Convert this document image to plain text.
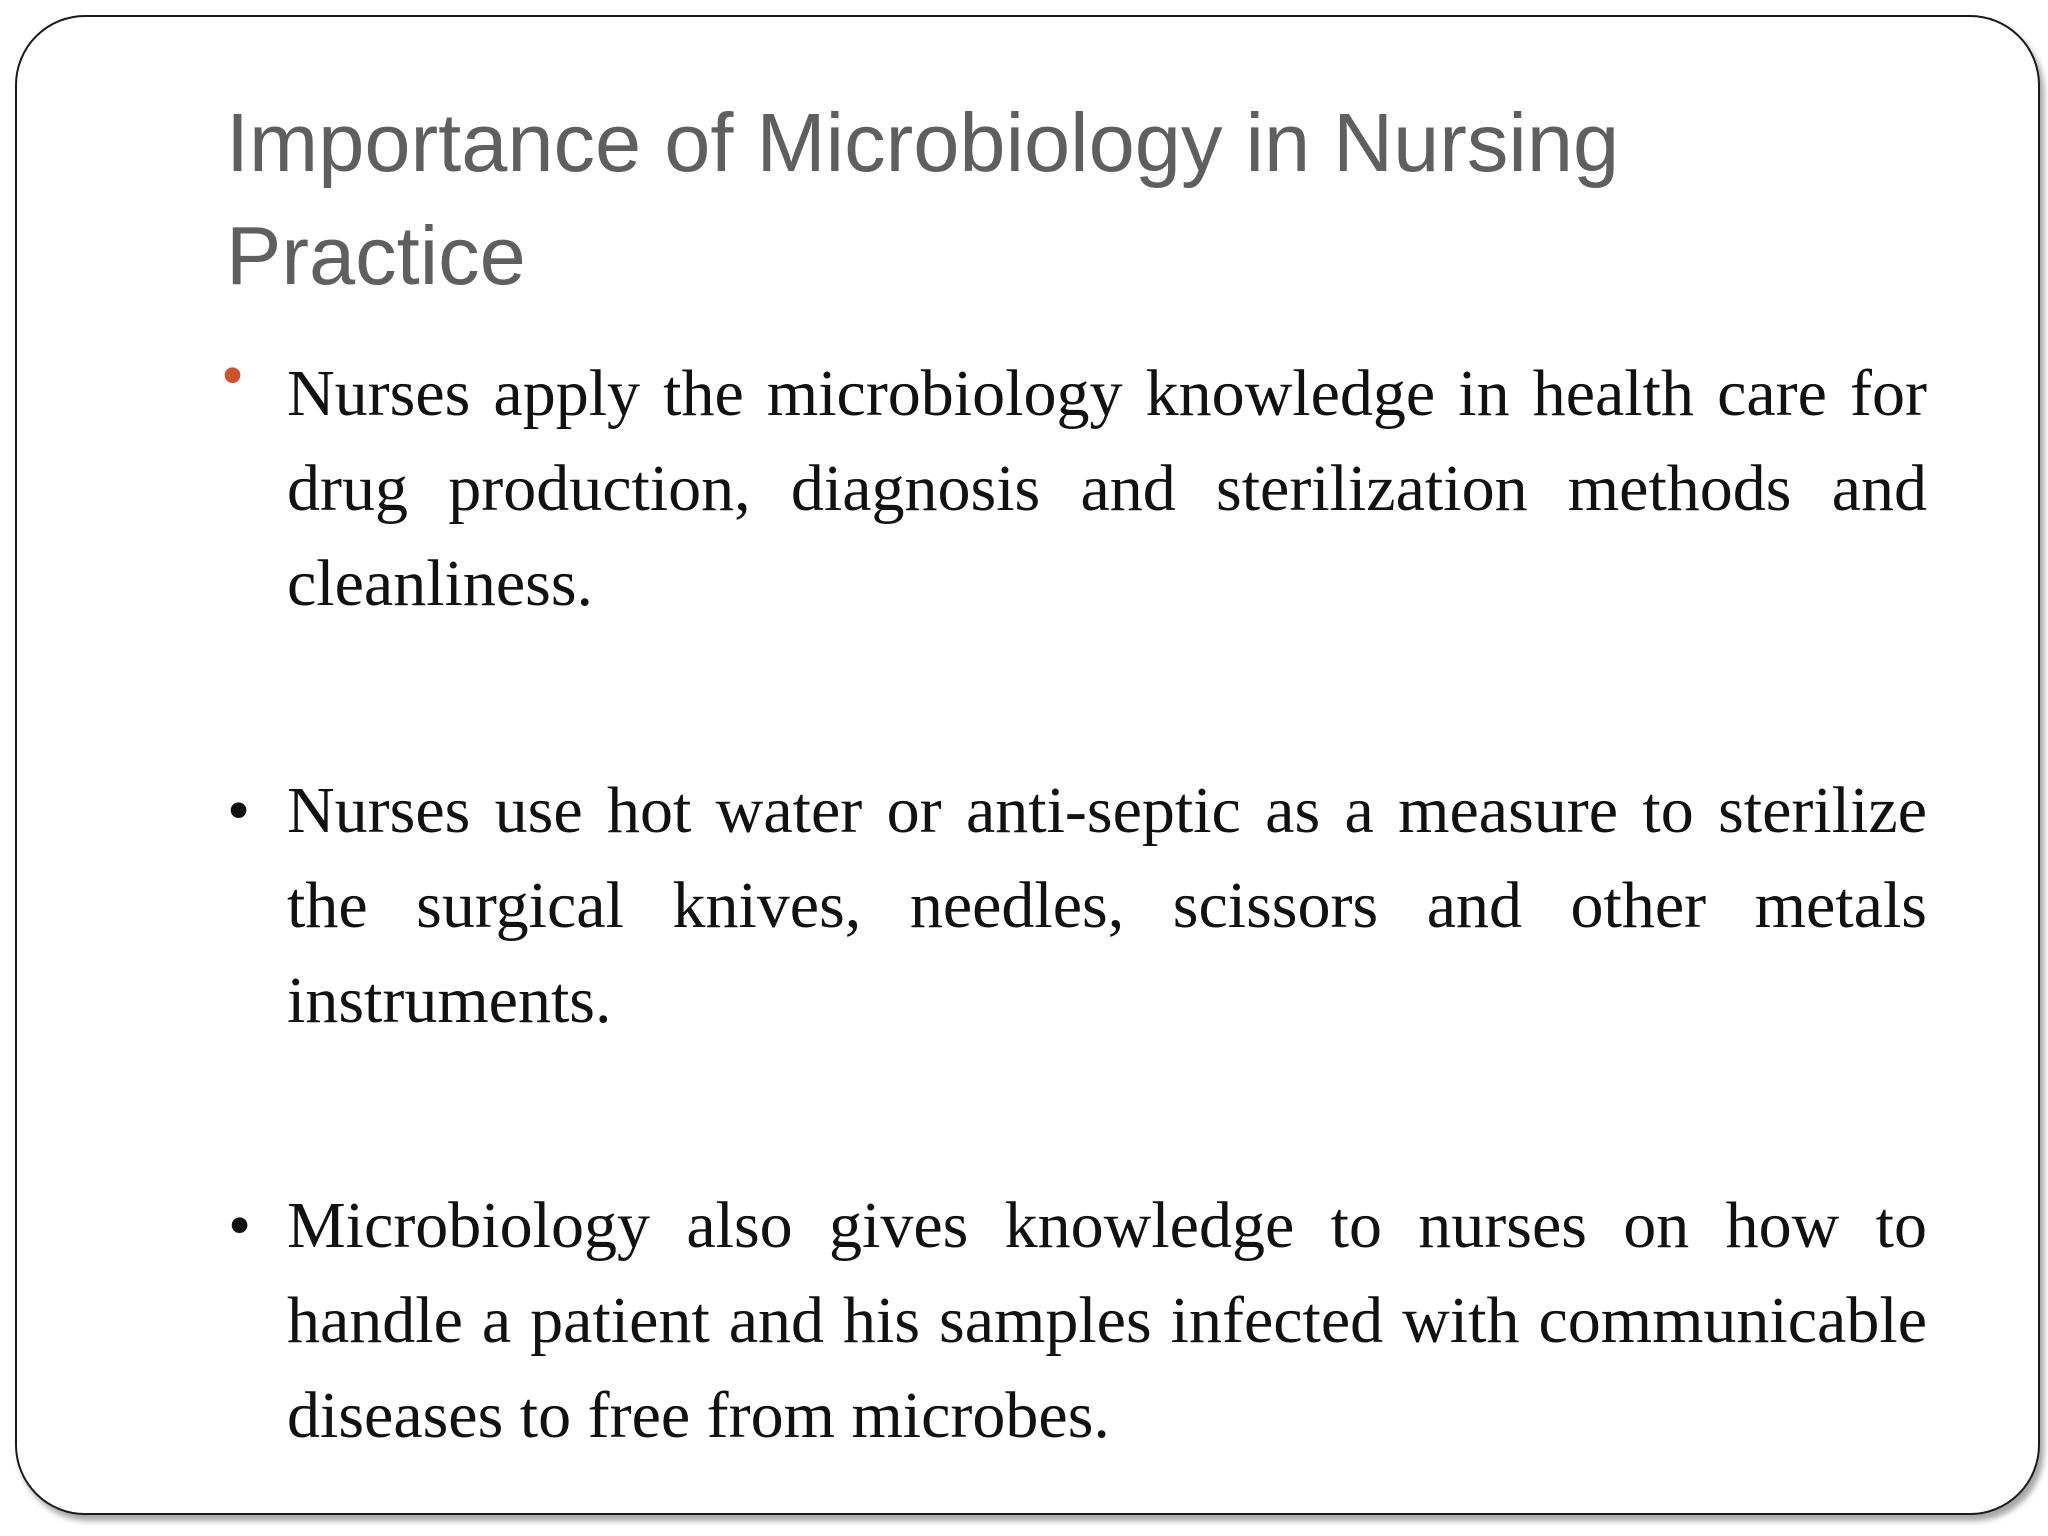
Importance of Microbiology in Nursing Practice

• Nurses apply the microbiology knowledge in health care for drug production, diagnosis and sterilization methods and cleanliness.

• Nurses use hot water or anti-septic as a measure to sterilize the surgical knives, needles, scissors and other metals instruments.

• Microbiology also gives knowledge to nurses on how to handle a patient and his samples infected with communicable diseases to free from microbes.
